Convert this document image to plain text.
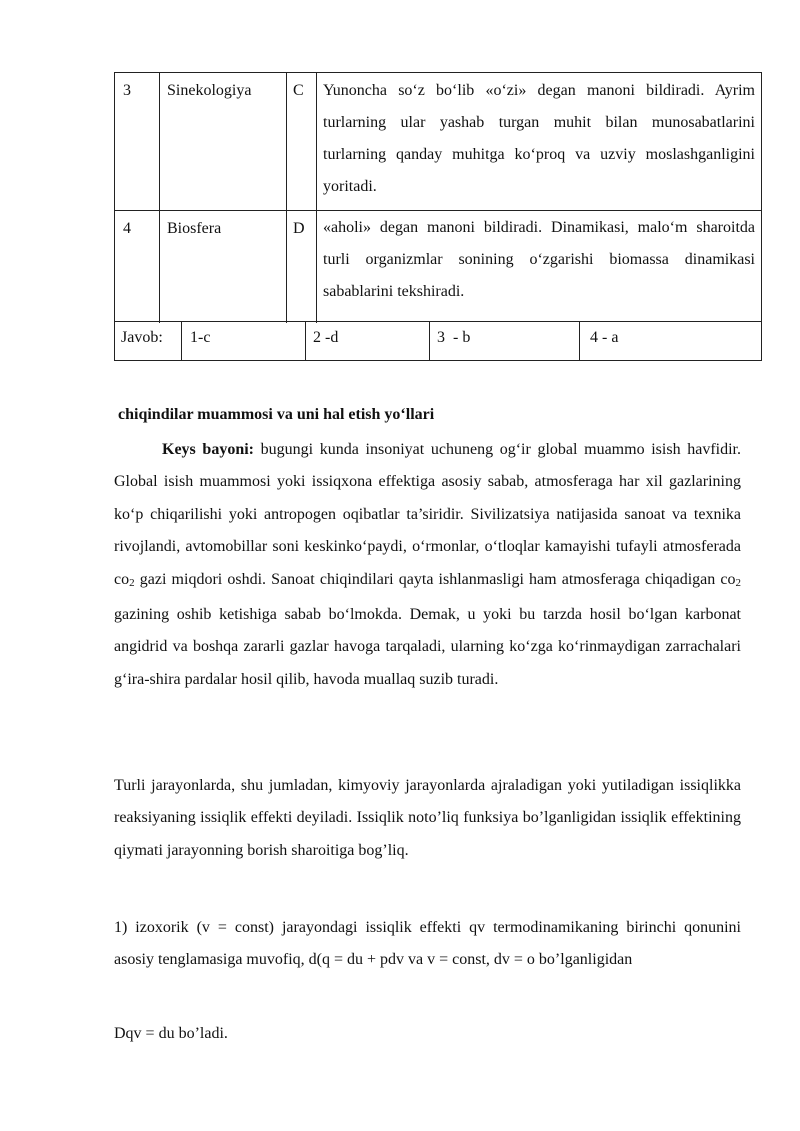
3 Sinekologiya	C Yunoncha so‘z bo‘lib «o‘zi» degan manoni bildiradi. Ayrim turlarning ular yashab turgan muhit bilan munosabatlarini turlarning qanday muhitga ko‘proq va uzviy moslashganligini yoritadi.
4 Biosfera	D «aholi» degan manoni bildiradi. Dinamikasi, malo‘m sharoitda turli organizmlar sonining o‘zgarishi biomassa dinamikasi sabablarini tekshiradi.
Javob: 1-c	2 -d	3  - b	4 - a
chiqindilar muammosi va uni hal etish yo‘llari

Keys bayoni: bugungi kunda insoniyat uchuneng og‘ir global muammo isish havfidir. Global isish muammosi yoki issiqxona effektiga asosiy sabab, atmosferaga har xil gazlarining ko‘p chiqarilishi yoki antropogen oqibatlar ta’siridir. Sivilizatsiya natijasida sanoat va texnika rivojlandi, avtomobillar soni keskinko‘paydi, o‘rmonlar, o‘tloqlar kamayishi tufayli atmosferada co2 gazi miqdori oshdi. Sanoat chiqindilari qayta ishlanmasligi ham atmosferaga chiqadigan co2 gazining oshib ketishiga sabab bo‘lmokda. Demak, u yoki bu tarzda hosil bo‘lgan karbonat angidrid va boshqa zararli gazlar havoga tarqaladi, ularning ko‘zga ko‘rinmaydigan zarrachalari g‘ira-shira pardalar hosil qilib, havoda muallaq suzib turadi.

Turli jarayonlarda, shu jumladan, kimyoviy jarayonlarda ajraladigan yoki yutiladigan issiqlikka reaksiyaning issiqlik effekti deyiladi. Issiqlik noto’liq funksiya bo’lganligidan issiqlik effektining qiymati jarayonning borish sharoitiga bog’liq.

1) izoxorik (v = const) jarayondagi issiqlik effekti qv termodinamikaning birinchi qonunini asosiy tenglamasiga muvofiq, d(q = du + pdv va v = const, dv = o bo’lganligidan

Dqv = du bo’ladi.
